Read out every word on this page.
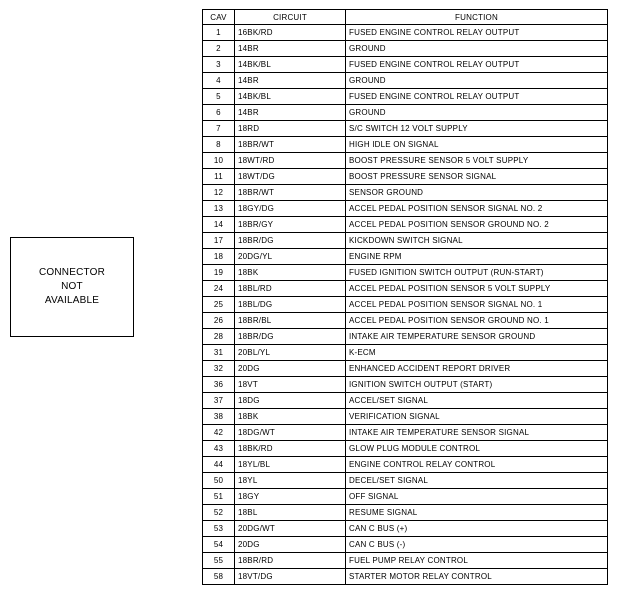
CONNECTOR
NOT
AVAILABLE
CAV	CIRCUIT	FUNCTION
1	16BK/RD	FUSED ENGINE CONTROL RELAY OUTPUT
2	14BR	GROUND
3	14BK/BL	FUSED ENGINE CONTROL RELAY OUTPUT
4	14BR	GROUND
5	14BK/BL	FUSED ENGINE CONTROL RELAY OUTPUT
6	14BR	GROUND
7	18RD	S/C SWITCH 12 VOLT SUPPLY
8	18BR/WT	HIGH IDLE ON SIGNAL
10	18WT/RD	BOOST PRESSURE SENSOR 5 VOLT SUPPLY
11	18WT/DG	BOOST PRESSURE SENSOR SIGNAL
12	18BR/WT	SENSOR GROUND
13	18GY/DG	ACCEL PEDAL POSITION SENSOR SIGNAL NO. 2
14	18BR/GY	ACCEL PEDAL POSITION SENSOR GROUND NO. 2
17	18BR/DG	KICKDOWN SWITCH SIGNAL
18	20DG/YL	ENGINE RPM
19	18BK	FUSED IGNITION SWITCH OUTPUT (RUN-START)
24	18BL/RD	ACCEL PEDAL POSITION SENSOR 5 VOLT SUPPLY
25	18BL/DG	ACCEL PEDAL POSITION SENSOR SIGNAL NO. 1
26	18BR/BL	ACCEL PEDAL POSITION SENSOR GROUND NO. 1
28	18BR/DG	INTAKE AIR TEMPERATURE SENSOR GROUND
31	20BL/YL	K-ECM
32	20DG	ENHANCED ACCIDENT REPORT DRIVER
36	18VT	IGNITION SWITCH OUTPUT (START)
37	18DG	ACCEL/SET SIGNAL
38	18BK	VERIFICATION SIGNAL
42	18DG/WT	INTAKE AIR TEMPERATURE SENSOR SIGNAL
43	18BK/RD	GLOW PLUG MODULE CONTROL
44	18YL/BL	ENGINE CONTROL RELAY CONTROL
50	18YL	DECEL/SET SIGNAL
51	18GY	OFF SIGNAL
52	18BL	RESUME SIGNAL
53	20DG/WT	CAN C BUS (+)
54	20DG	CAN C BUS (-)
55	18BR/RD	FUEL PUMP RELAY CONTROL
58	18VT/DG	STARTER MOTOR RELAY CONTROL
